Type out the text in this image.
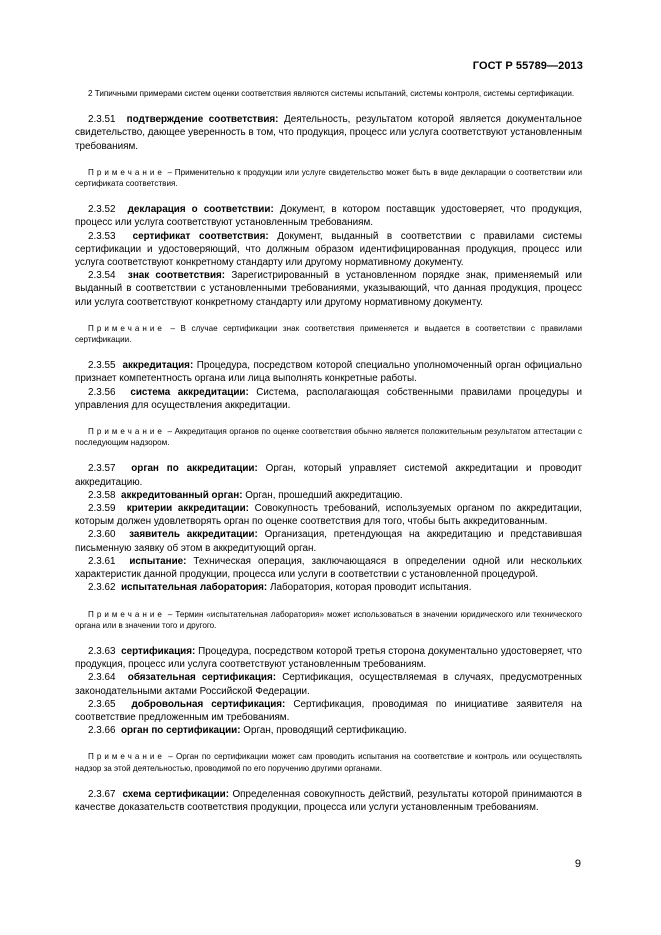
ГОСТ Р 55789—2013

2 Типичными примерами систем оценки соответствия являются системы испытаний, системы контроля, системы сертификации.

2.3.51 подтверждение соответствия: Деятельность, результатом которой является документальное свидетельство, дающее уверенность в том, что продукция, процесс или услуга соответствуют установленным требованиям.

Примечание – Применительно к продукции или услуге свидетельство может быть в виде декларации о соответствии или сертификата соответствия.

2.3.52 декларация о соответствии: Документ, в котором поставщик удостоверяет, что продукция, процесс или услуга соответствуют установленным требованиям.

2.3.53 сертификат соответствия: Документ, выданный в соответствии с правилами системы сертификации и удостоверяющий, что должным образом идентифицированная продукция, процесс или услуга соответствуют конкретному стандарту или другому нормативному документу.

2.3.54 знак соответствия: Зарегистрированный в установленном порядке знак, применяемый или выданный в соответствии с установленными требованиями, указывающий, что данная продукция, процесс или услуга соответствуют конкретному стандарту или другому нормативному документу.

Примечание – В случае сертификации знак соответствия применяется и выдается в соответствии с правилами сертификации.

2.3.55 аккредитация: Процедура, посредством которой специально уполномоченный орган официально признает компетентность органа или лица выполнять конкретные работы.

2.3.56 система аккредитации: Система, располагающая собственными правилами процедуры и управления для осуществления аккредитации.

Примечание – Аккредитация органов по оценке соответствия обычно является положительным результатом аттестации с последующим надзором.

2.3.57 орган по аккредитации: Орган, который управляет системой аккредитации и проводит аккредитацию.

2.3.58 аккредитованный орган: Орган, прошедший аккредитацию.

2.3.59 критерии аккредитации: Совокупность требований, используемых органом по аккредитации, которым должен удовлетворять орган по оценке соответствия для того, чтобы быть аккредитованным.

2.3.60 заявитель аккредитации: Организация, претендующая на аккредитацию и представившая письменную заявку об этом в аккредитующий орган.

2.3.61 испытание: Техническая операция, заключающаяся в определении одной или нескольких характеристик данной продукции, процесса или услуги в соответствии с установленной процедурой.

2.3.62 испытательная лаборатория: Лаборатория, которая проводит испытания.

Примечание – Термин «испытательная лаборатория» может использоваться в значении юридического или технического органа или в значении того и другого.

2.3.63 сертификация: Процедура, посредством которой третья сторона документально удостоверяет, что продукция, процесс или услуга соответствуют установленным требованиям.

2.3.64 обязательная сертификация: Сертификация, осуществляемая в случаях, предусмотренных законодательными актами Российской Федерации.

2.3.65 добровольная сертификация: Сертификация, проводимая по инициативе заявителя на соответствие предложенным им требованиям.

2.3.66 орган по сертификации: Орган, проводящий сертификацию.

Примечание – Орган по сертификации может сам проводить испытания на соответствие и контроль или осуществлять надзор за этой деятельностью, проводимой по его поручению другими органами.

2.3.67 схема сертификации: Определенная совокупность действий, результаты которой принимаются в качестве доказательств соответствия продукции, процесса или услуги установленным требованиям.

9
